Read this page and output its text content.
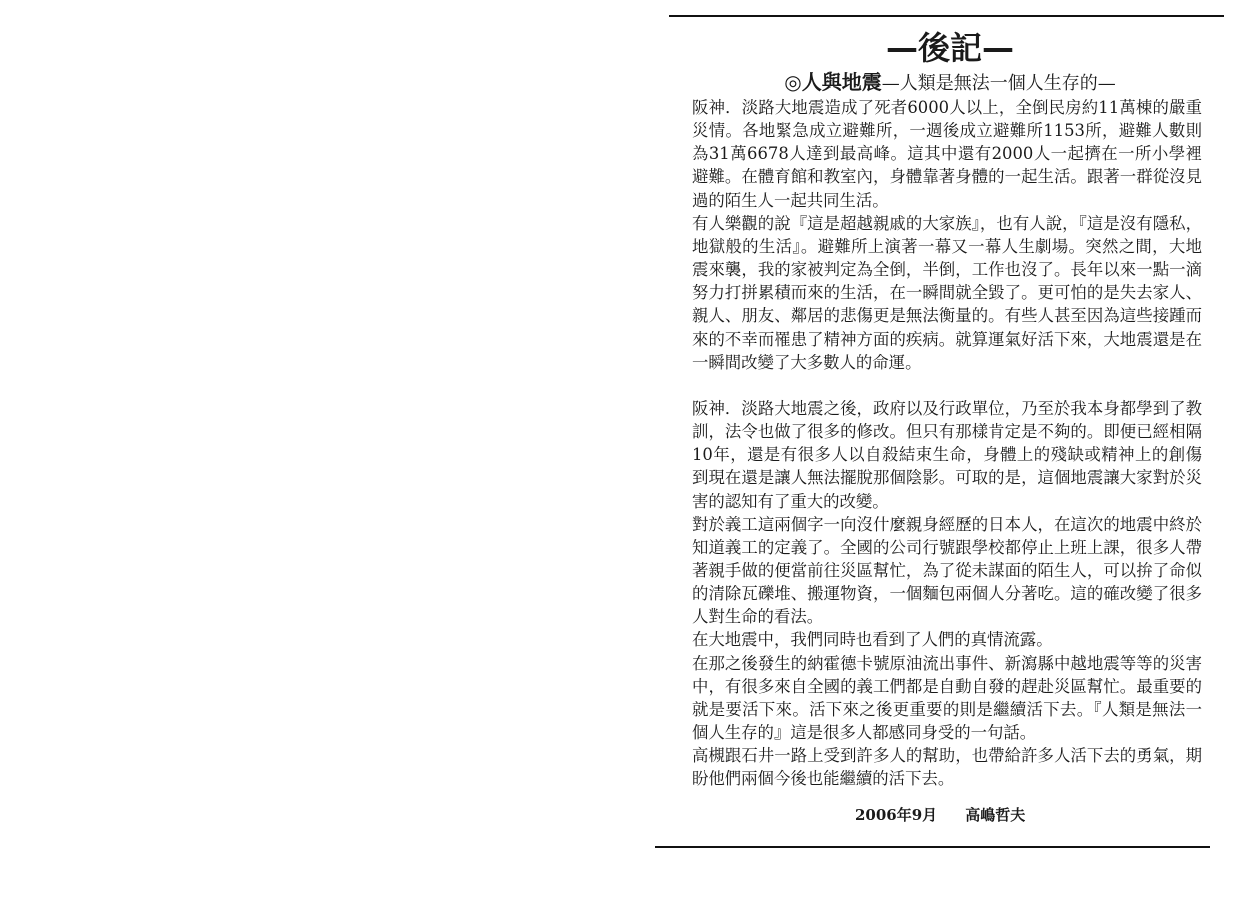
—後記—
◎人與地震—人類是無法一個人生存的—

阪神．淡路大地震造成了死者6000人以上，全倒民房約11萬棟的嚴重災情。各地緊急成立避難所，一週後成立避難所1153所，避難人數則為31萬6678人達到最高峰。這其中還有2000人一起擠在一所小學裡避難。在體育館和教室內，身體靠著身體的一起生活。跟著一群從沒見過的陌生人一起共同生活。

有人樂觀的說『這是超越親戚的大家族』，也有人說，『這是沒有隱私，地獄般的生活』。避難所上演著一幕又一幕人生劇場。突然之間，大地震來襲，我的家被判定為全倒，半倒，工作也沒了。長年以來一點一滴努力打拼累積而來的生活，在一瞬間就全毀了。更可怕的是失去家人、親人、朋友、鄰居的悲傷更是無法衡量的。有些人甚至因為這些接踵而來的不幸而罹患了精神方面的疾病。就算運氣好活下來，大地震還是在一瞬間改變了大多數人的命運。

阪神．淡路大地震之後，政府以及行政單位，乃至於我本身都學到了教訓，法令也做了很多的修改。但只有那樣肯定是不夠的。即便已經相隔10年，還是有很多人以自殺結束生命，身體上的殘缺或精神上的創傷到現在還是讓人無法擺脫那個陰影。可取的是，這個地震讓大家對於災害的認知有了重大的改變。

對於義工這兩個字一向沒什麼親身經歷的日本人，在這次的地震中終於知道義工的定義了。全國的公司行號跟學校都停止上班上課，很多人帶著親手做的便當前往災區幫忙，為了從未謀面的陌生人，可以拚了命似的清除瓦礫堆、搬運物資，一個麵包兩個人分著吃。這的確改變了很多人對生命的看法。

在大地震中，我們同時也看到了人們的真情流露。

在那之後發生的納霍德卡號原油流出事件、新瀉縣中越地震等等的災害中，有很多來自全國的義工們都是自動自發的趕赴災區幫忙。最重要的就是要活下來。活下來之後更重要的則是繼續活下去。『人類是無法一個人生存的』這是很多人都感同身受的一句話。

高槻跟石井一路上受到許多人的幫助，也帶給許多人活下去的勇氣，期盼他們兩個今後也能繼續的活下去。

2006年9月 高嶋哲夫
